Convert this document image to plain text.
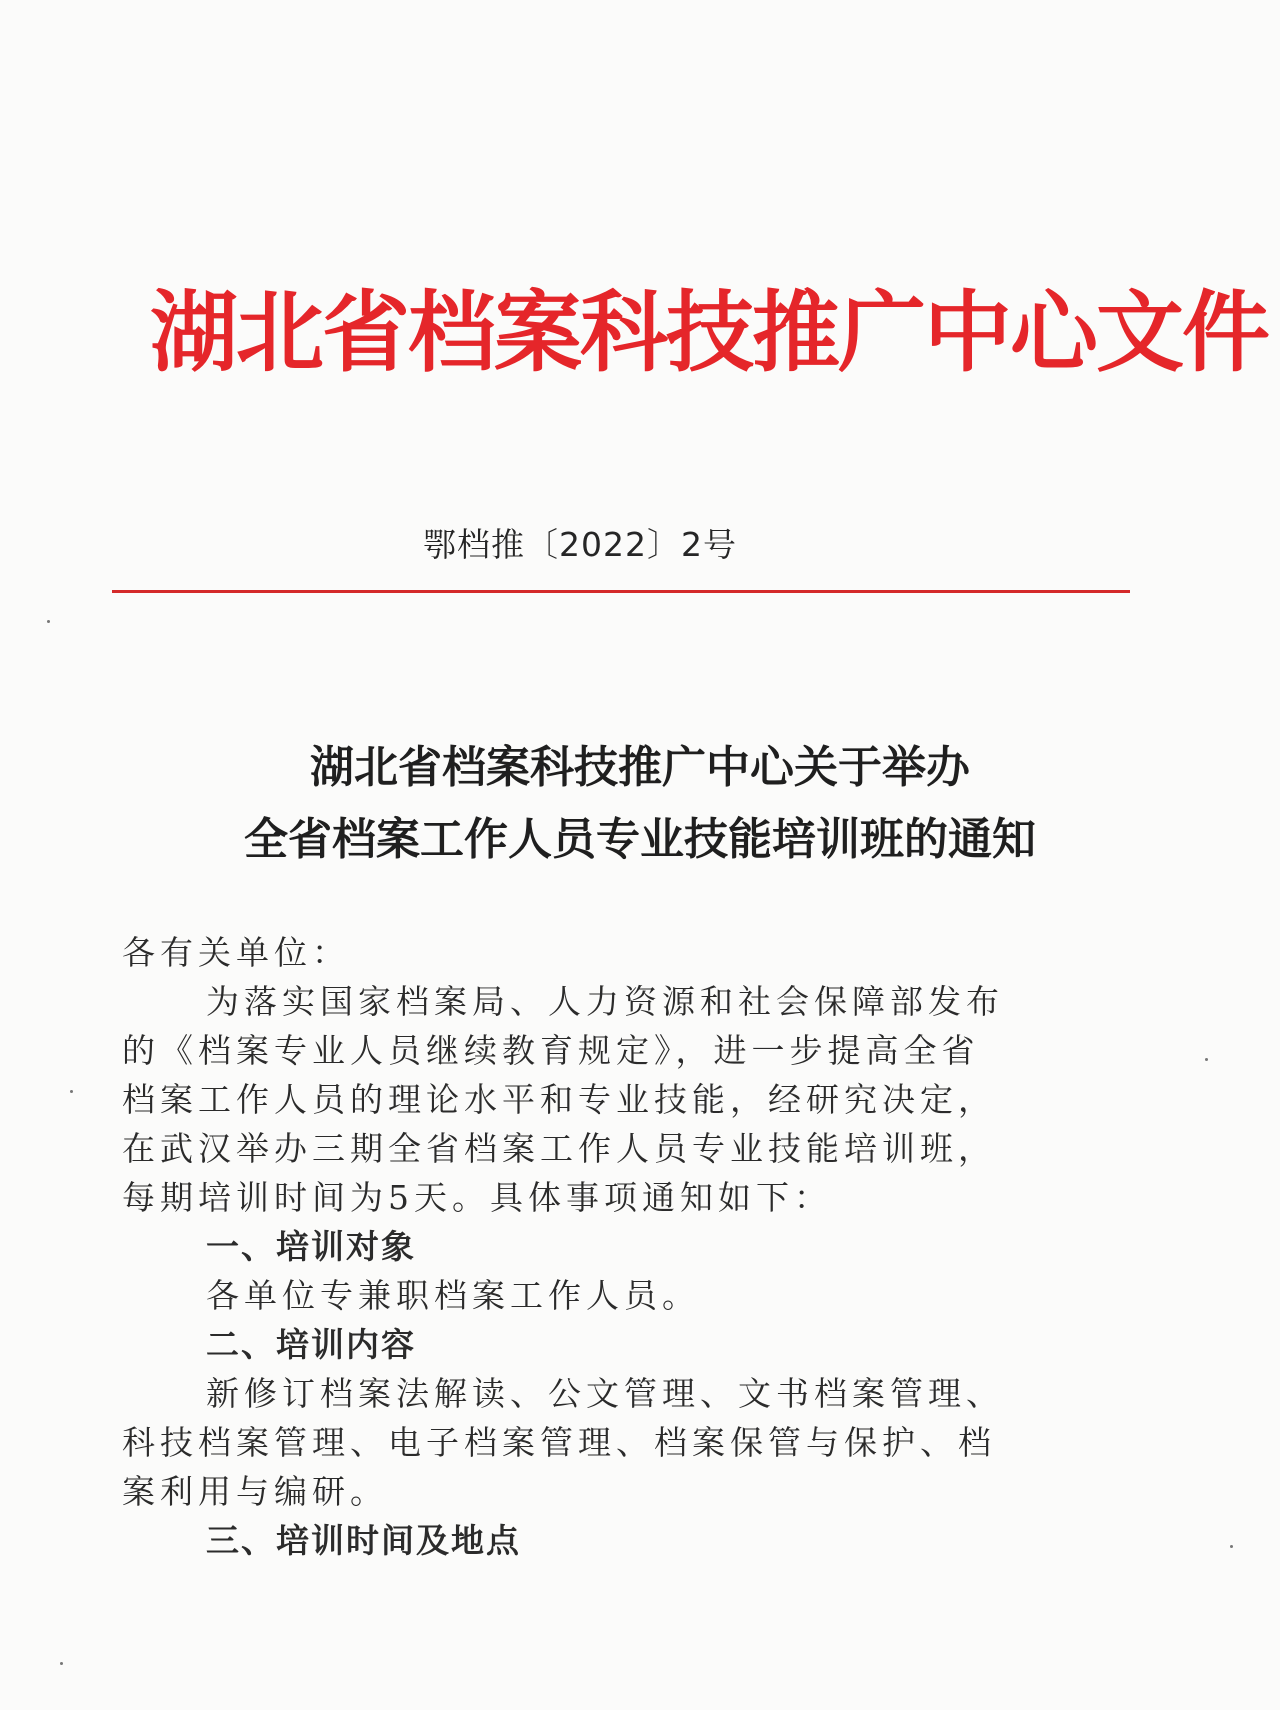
湖北省档案科技推广中心文件
鄂档推〔2022〕2号
湖北省档案科技推广中心关于举办
全省档案工作人员专业技能培训班的通知
各有关单位：
为落实国家档案局、人力资源和社会保障部发布
的《档案专业人员继续教育规定》，进一步提高全省
档案工作人员的理论水平和专业技能，经研究决定，
在武汉举办三期全省档案工作人员专业技能培训班，
每期培训时间为5天。具体事项通知如下：
一、培训对象
各单位专兼职档案工作人员。
二、培训内容
新修订档案法解读、公文管理、文书档案管理、
科技档案管理、电子档案管理、档案保管与保护、档
案利用与编研。
三、培训时间及地点
